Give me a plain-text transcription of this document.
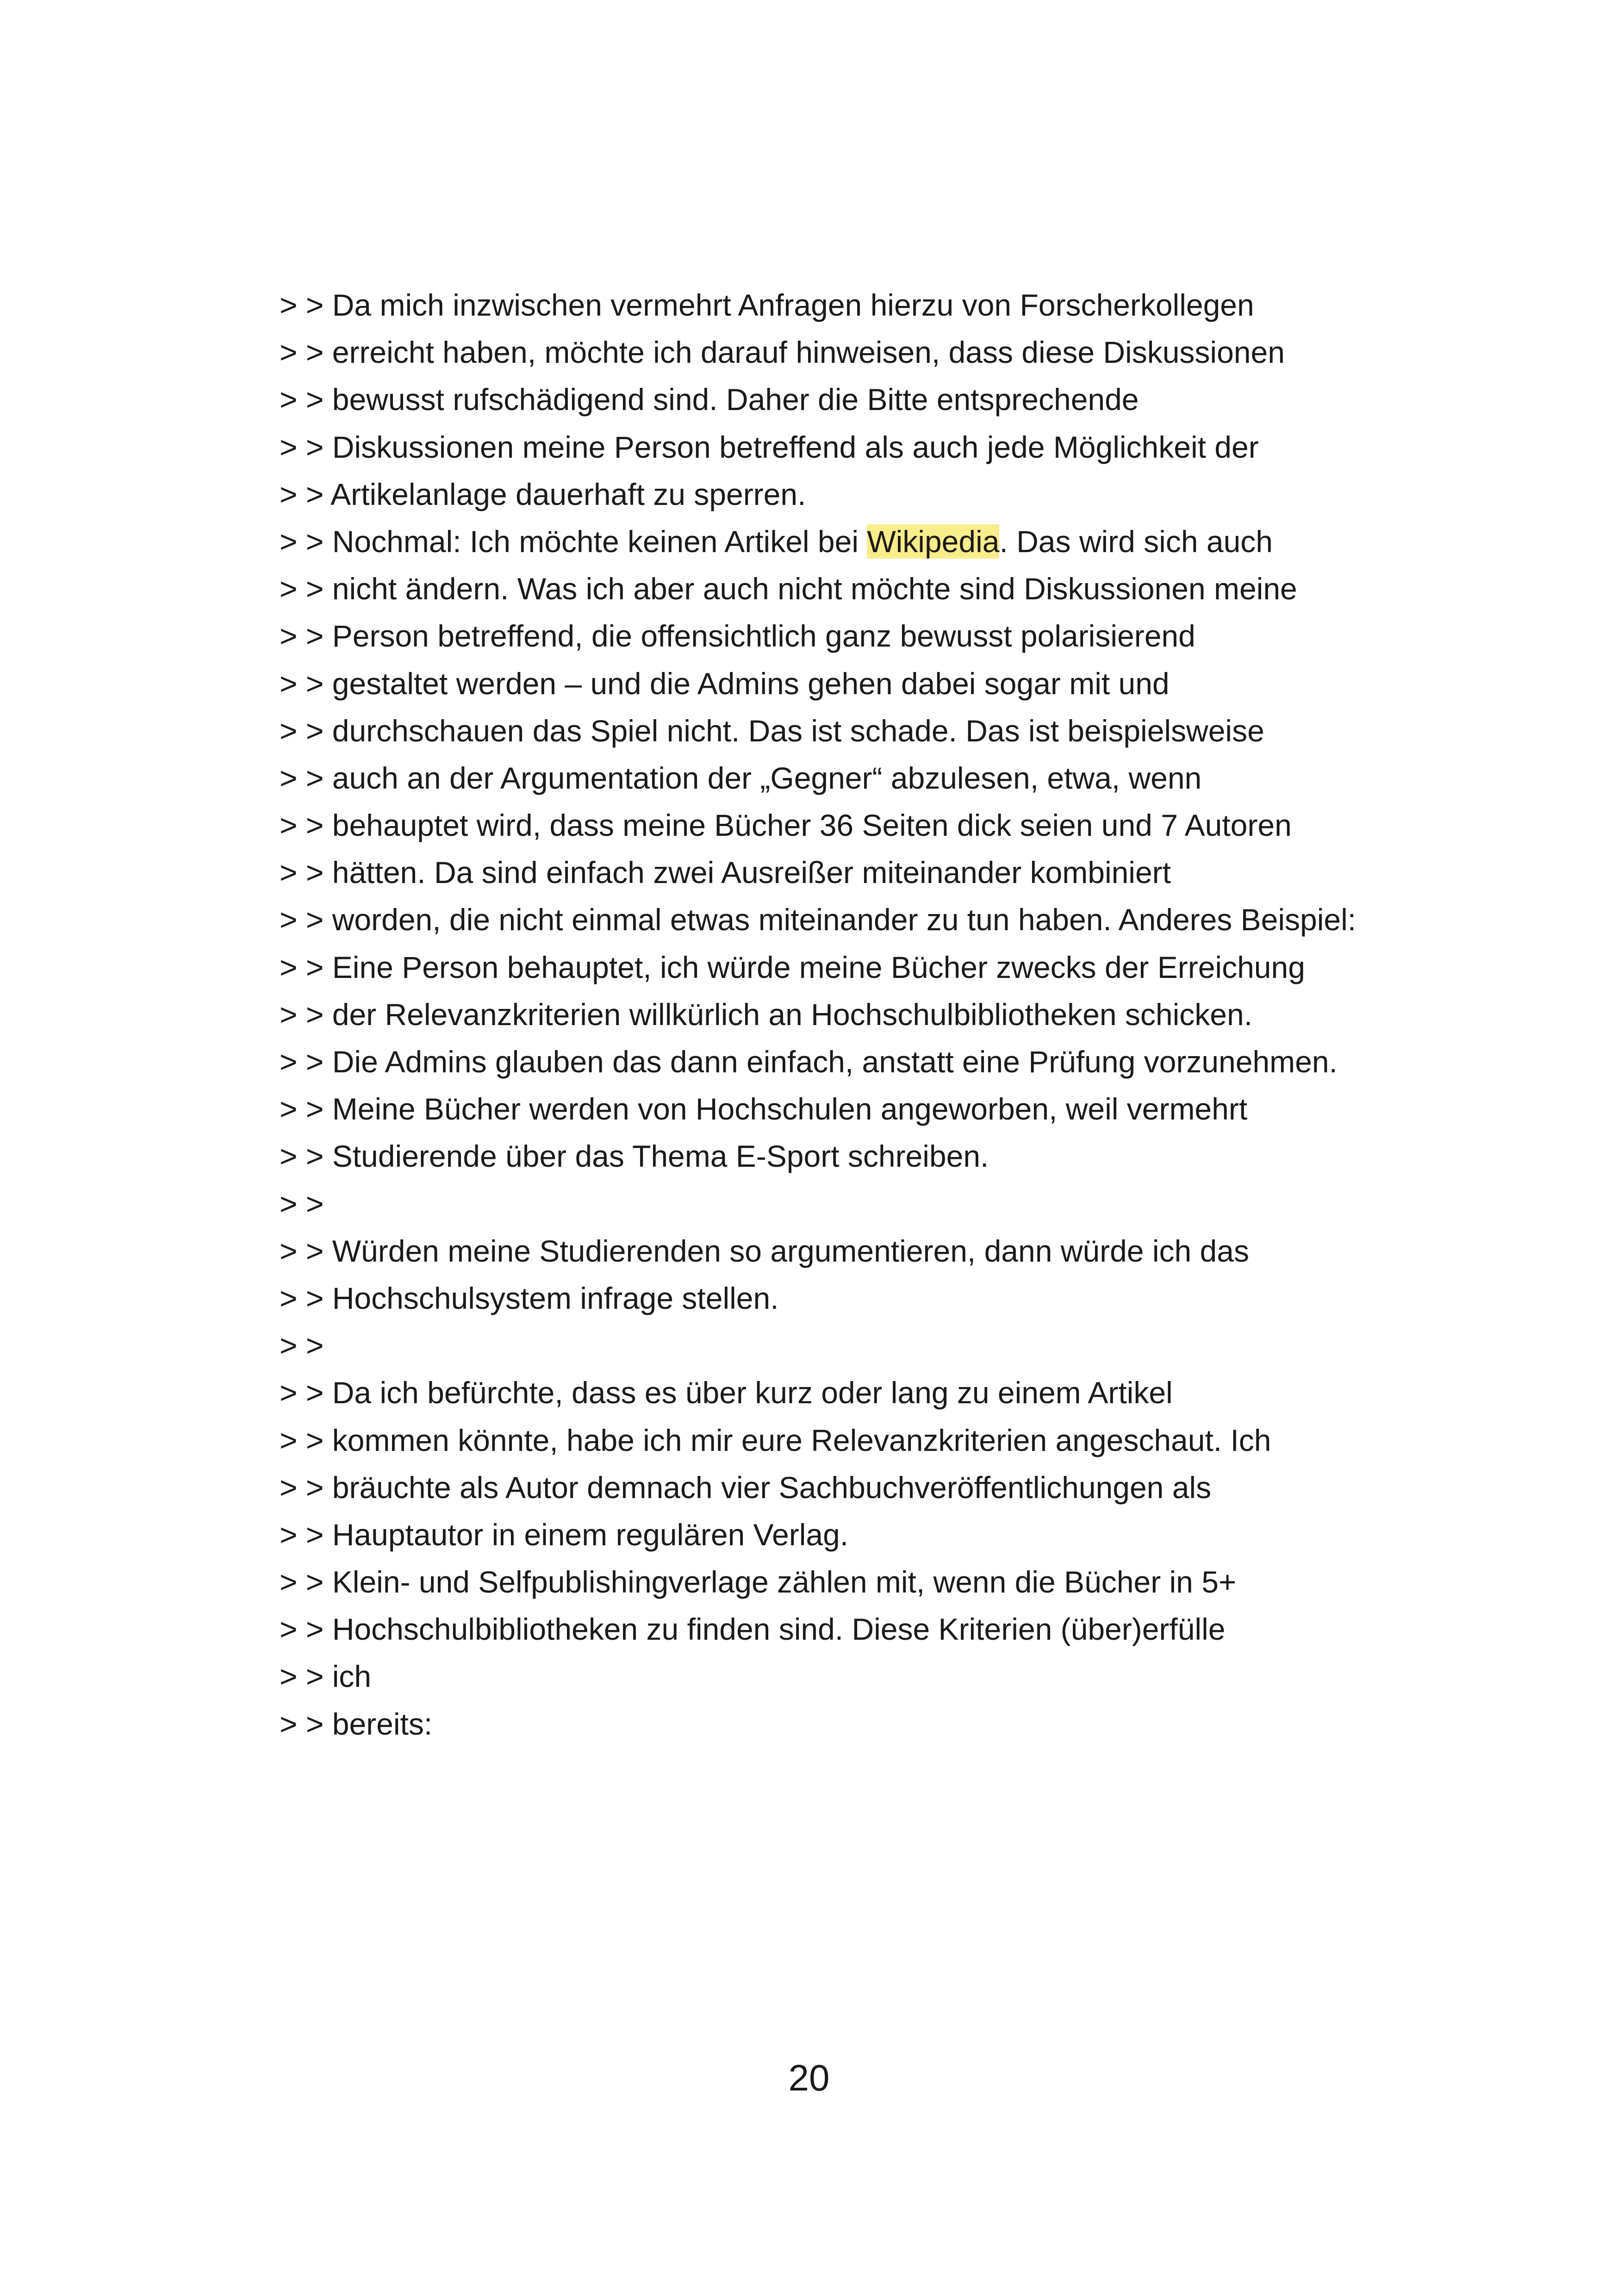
> > Da mich inzwischen vermehrt Anfragen hierzu von Forscherkollegen
> > erreicht haben, möchte ich darauf hinweisen, dass diese Diskussionen
> > bewusst rufschädigend sind. Daher die Bitte entsprechende
> > Diskussionen meine Person betreffend als auch jede Möglichkeit der
> > Artikelanlage dauerhaft zu sperren.
> > Nochmal: Ich möchte keinen Artikel bei Wikipedia. Das wird sich auch
> > nicht ändern. Was ich aber auch nicht möchte sind Diskussionen meine
> > Person betreffend, die offensichtlich ganz bewusst polarisierend
> > gestaltet werden – und die Admins gehen dabei sogar mit und
> > durchschauen das Spiel nicht. Das ist schade. Das ist beispielsweise
> > auch an der Argumentation der „Gegner“ abzulesen, etwa, wenn
> > behauptet wird, dass meine Bücher 36 Seiten dick seien und 7 Autoren
> > hätten. Da sind einfach zwei Ausreißer miteinander kombiniert
> > worden, die nicht einmal etwas miteinander zu tun haben. Anderes Beispiel:
> > Eine Person behauptet, ich würde meine Bücher zwecks der Erreichung
> > der Relevanzkriterien willkürlich an Hochschulbibliotheken schicken.
> > Die Admins glauben das dann einfach, anstatt eine Prüfung vorzunehmen.
> > Meine Bücher werden von Hochschulen angeworben, weil vermehrt
> > Studierende über das Thema E-Sport schreiben.
> >
> > Würden meine Studierenden so argumentieren, dann würde ich das
> > Hochschulsystem infrage stellen.
> >
> > Da ich befürchte, dass es über kurz oder lang zu einem Artikel
> > kommen könnte, habe ich mir eure Relevanzkriterien angeschaut. Ich
> > bräuchte als Autor demnach vier Sachbuchveröffentlichungen als
> > Hauptautor in einem regulären Verlag.
> > Klein- und Selfpublishingverlage zählen mit, wenn die Bücher in 5+
> > Hochschulbibliotheken zu finden sind. Diese Kriterien (über)erfülle
> > ich
> > bereits:
20
